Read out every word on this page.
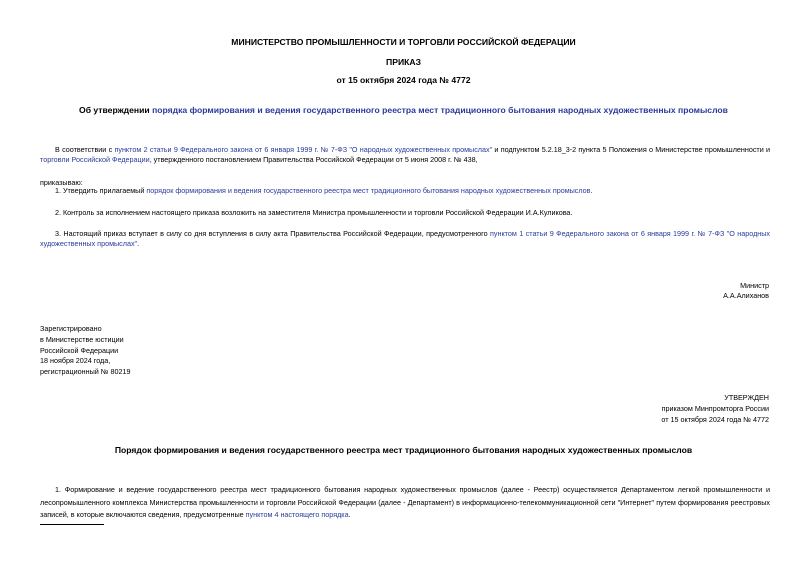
МИНИСТЕРСТВО ПРОМЫШЛЕННОСТИ И ТОРГОВЛИ РОССИЙСКОЙ ФЕДЕРАЦИИ
ПРИКАЗ
от 15 октября 2024 года № 4772
Об утверждении порядка формирования и ведения государственного реестра мест традиционного бытования народных художественных промыслов
В соответствии с пунктом 2 статьи 9 Федерального закона от 6 января 1999 г. № 7-ФЗ "О народных художественных промыслах" и подпунктом 5.2.18_3-2 пункта 5 Положения о Министерстве промышленности и торговли Российской Федерации, утвержденного постановлением Правительства Российской Федерации от 5 июня 2008 г. № 438,
приказываю:
1. Утвердить прилагаемый порядок формирования и ведения государственного реестра мест традиционного бытования народных художественных промыслов.
2. Контроль за исполнением настоящего приказа возложить на заместителя Министра промышленности и торговли Российской Федерации И.А.Куликова.
3. Настоящий приказ вступает в силу со дня вступления в силу акта Правительства Российской Федерации, предусмотренного пунктом 1 статьи 9 Федерального закона от 6 января 1999 г. № 7-ФЗ "О народных художественных промыслах".
Министр
А.А.Алиханов
Зарегистрировано
в Министерстве юстиции
Российской Федерации
18 ноября 2024 года,
регистрационный № 80219
УТВЕРЖДЕН
приказом Минпромторга России
от 15 октября 2024 года № 4772
Порядок формирования и ведения государственного реестра мест традиционного бытования народных художественных промыслов
1. Формирование и ведение государственного реестра мест традиционного бытования народных художественных промыслов (далее - Реестр) осуществляется Департаментом легкой промышленности и лесопромышленного комплекса Министерства промышленности и торговли Российской Федерации (далее - Департамент) в информационно-телекоммуникационной сети "Интернет" путем формирования реестровых записей, в которые включаются сведения, предусмотренные пунктом 4 настоящего порядка.
